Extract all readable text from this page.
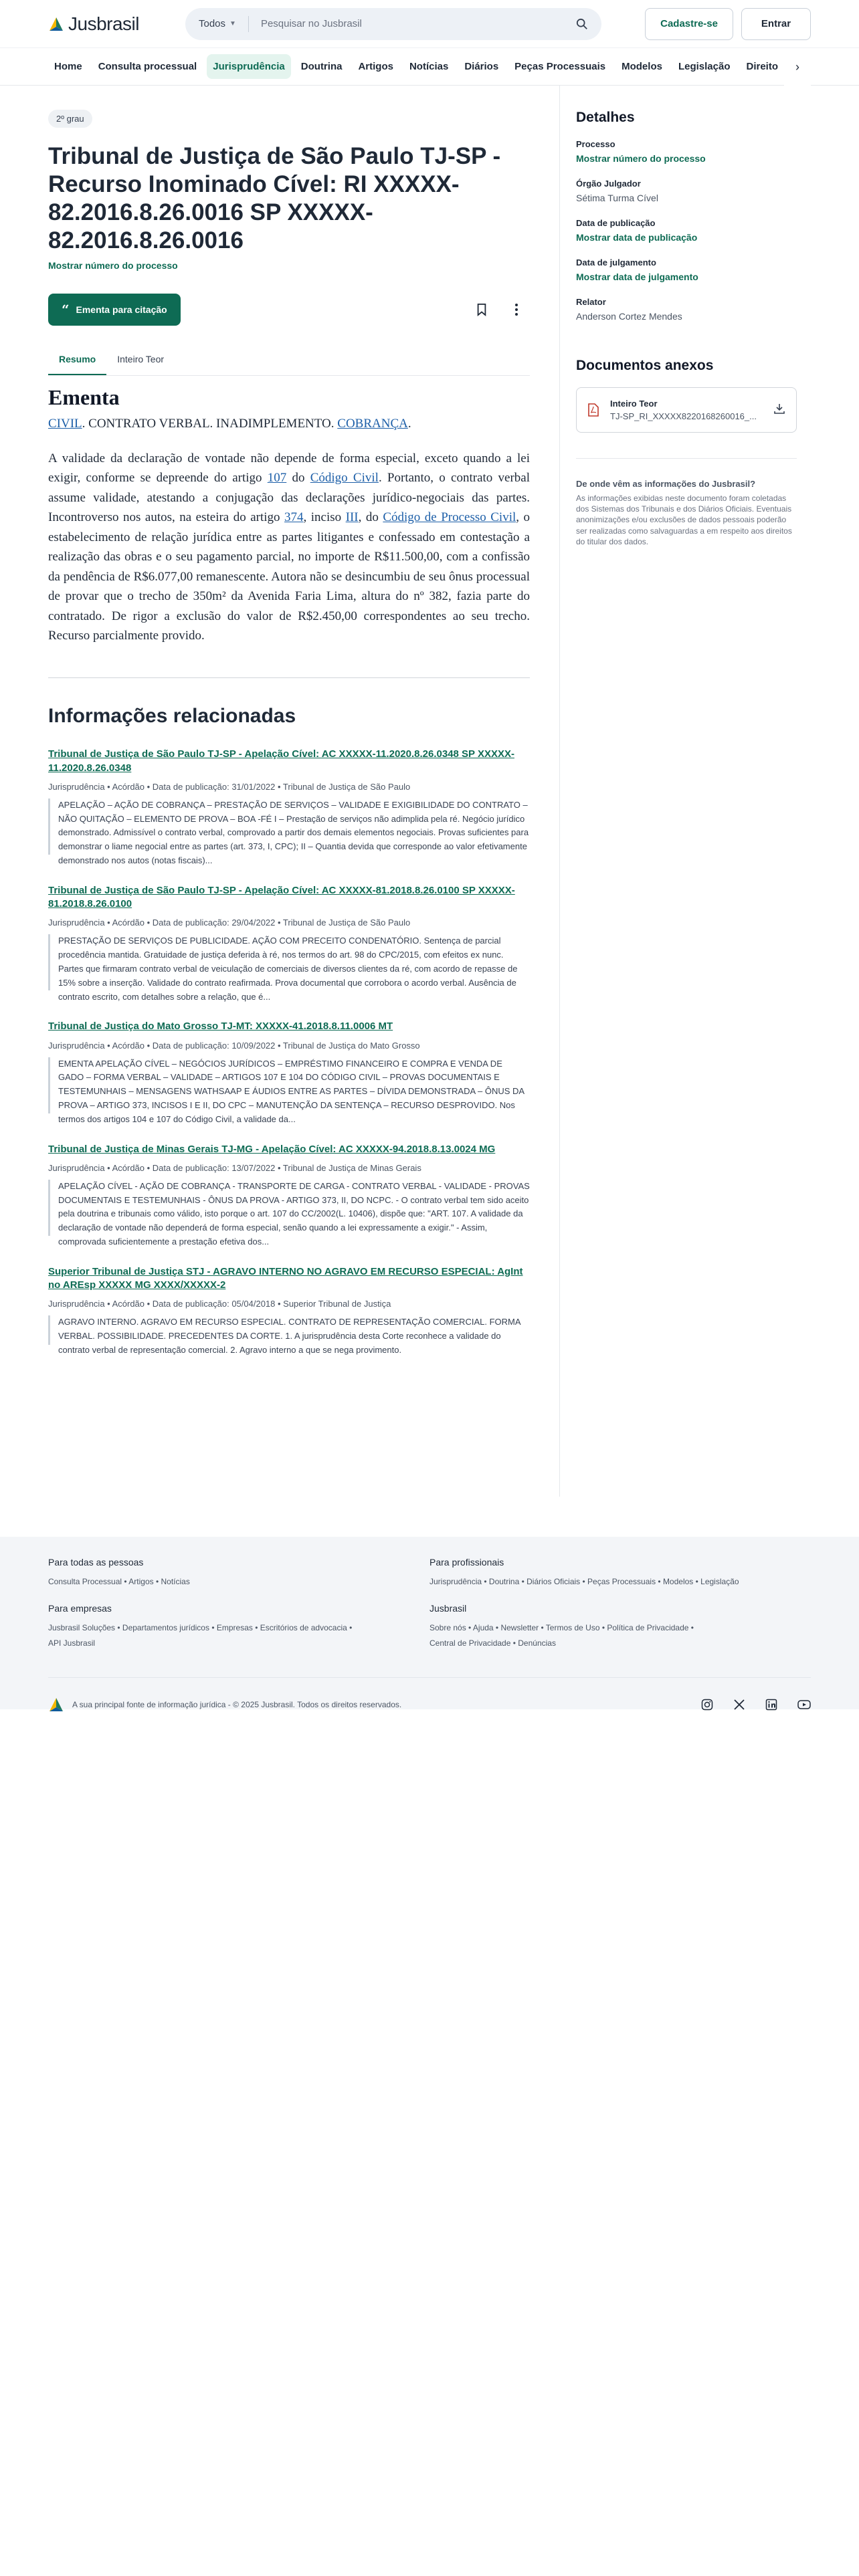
Jusbrasil	Todos ▼
Pesquisar no Jusbrasil	Cadastre-se	Entrar
Home	Consulta processual	Jurisprudência	Doutrina	Artigos	Notícias	Diários	Peças Processuais	Modelos	Legislação	Direito	›
2º grau
Tribunal de Justiça de São Paulo TJ-SP - Recurso Inominado Cível: RI XXXXX-82.2016.8.26.0016 SP XXXXX-82.2016.8.26.0016
Mostrar número do processo
“ Ementa para citação
Resumo	Inteiro Teor
Ementa

CIVIL. CONTRATO VERBAL. INADIMPLEMENTO. COBRANÇA.

A validade da declaração de vontade não depende de forma especial, exceto quando a lei exigir, conforme se depreende do artigo 107 do Código Civil. Portanto, o contrato verbal assume validade, atestando a conjugação das declarações jurídico-negociais das partes. Incontroverso nos autos, na esteira do artigo 374, inciso III, do Código de Processo Civil, o estabelecimento de relação jurídica entre as partes litigantes e confessado em contestação a realização das obras e o seu pagamento parcial, no importe de R$11.500,00, com a confissão da pendência de R$6.077,00 remanescente. Autora não se desincumbiu de seu ônus processual de provar que o trecho de 350m² da Avenida Faria Lima, altura do nº 382, fazia parte do contratado. De rigor a exclusão do valor de R$2.450,00 correspondentes ao seu trecho. Recurso parcialmente provido.

Informações relacionadas
Tribunal de Justiça de São Paulo TJ-SP - Apelação Cível: AC XXXXX-11.2020.8.26.0348 SP XXXXX-11.2020.8.26.0348
Jurisprudência • Acórdão • Data de publicação: 31/01/2022 • Tribunal de Justiça de São Paulo
APELAÇÃO – AÇÃO DE COBRANÇA – PRESTAÇÃO DE SERVIÇOS – VALIDADE E EXIGIBILIDADE DO CONTRATO – NÃO QUITAÇÃO – ELEMENTO DE PROVA – BOA -FÉ I – Prestação de serviços não adimplida pela ré. Negócio jurídico demonstrado. Admissível o contrato verbal, comprovado a partir dos demais elementos negociais. Provas suficientes para demonstrar o liame negocial entre as partes (art. 373, I, CPC); II – Quantia devida que corresponde ao valor efetivamente demonstrado nos autos (notas fiscais)...
Tribunal de Justiça de São Paulo TJ-SP - Apelação Cível: AC XXXXX-81.2018.8.26.0100 SP XXXXX-81.2018.8.26.0100
Jurisprudência • Acórdão • Data de publicação: 29/04/2022 • Tribunal de Justiça de São Paulo
PRESTAÇÃO DE SERVIÇOS DE PUBLICIDADE. AÇÃO COM PRECEITO CONDENATÓRIO. Sentença de parcial procedência mantida. Gratuidade de justiça deferida à ré, nos termos do art. 98 do CPC/2015, com efeitos ex nunc. Partes que firmaram contrato verbal de veiculação de comerciais de diversos clientes da ré, com acordo de repasse de 15% sobre a inserção. Validade do contrato reafirmada. Prova documental que corrobora o acordo verbal. Ausência de contrato escrito, com detalhes sobre a relação, que é...
Tribunal de Justiça do Mato Grosso TJ-MT: XXXXX-41.2018.8.11.0006 MT
Jurisprudência • Acórdão • Data de publicação: 10/09/2022 • Tribunal de Justiça do Mato Grosso
EMENTA APELAÇÃO CÍVEL – NEGÓCIOS JURÍDICOS – EMPRÉSTIMO FINANCEIRO E COMPRA E VENDA DE GADO – FORMA VERBAL – VALIDADE – ARTIGOS 107 E 104 DO CÓDIGO CIVIL – PROVAS DOCUMENTAIS E TESTEMUNHAIS – MENSAGENS WATHSAAP E ÁUDIOS ENTRE AS PARTES – DÍVIDA DEMONSTRADA – ÔNUS DA PROVA – ARTIGO 373, INCISOS I E II, DO CPC – MANUTENÇÃO DA SENTENÇA – RECURSO DESPROVIDO. Nos termos dos artigos 104 e 107 do Código Civil, a validade da...
Tribunal de Justiça de Minas Gerais TJ-MG - Apelação Cível: AC XXXXX-94.2018.8.13.0024 MG
Jurisprudência • Acórdão • Data de publicação: 13/07/2022 • Tribunal de Justiça de Minas Gerais
APELAÇÃO CÍVEL - AÇÃO DE COBRANÇA - TRANSPORTE DE CARGA - CONTRATO VERBAL - VALIDADE - PROVAS DOCUMENTAIS E TESTEMUNHAIS - ÔNUS DA PROVA - ARTIGO 373, II, DO NCPC. - O contrato verbal tem sido aceito pela doutrina e tribunais como válido, isto porque o art. 107 do CC/2002(L. 10406), dispõe que: "ART. 107. A validade da declaração de vontade não dependerá de forma especial, senão quando a lei expressamente a exigir." - Assim, comprovada suficientemente a prestação efetiva dos...
Superior Tribunal de Justiça STJ - AGRAVO INTERNO NO AGRAVO EM RECURSO ESPECIAL: AgInt no AREsp XXXXX MG XXXX/XXXXX-2
Jurisprudência • Acórdão • Data de publicação: 05/04/2018 • Superior Tribunal de Justiça
AGRAVO INTERNO. AGRAVO EM RECURSO ESPECIAL. CONTRATO DE REPRESENTAÇÃO COMERCIAL. FORMA VERBAL. POSSIBILIDADE. PRECEDENTES DA CORTE. 1. A jurisprudência desta Corte reconhece a validade do contrato verbal de representação comercial. 2. Agravo interno a que se nega provimento.
Detalhes
Processo
Mostrar número do processo
Órgão Julgador
Sétima Turma Cível
Data de publicação
Mostrar data de publicação
Data de julgamento
Mostrar data de julgamento
Relator
Anderson Cortez Mendes
Documentos anexos
Inteiro Teor
TJ-SP_RI_XXXXX8220168260016_...
De onde vêm as informações do Jusbrasil?

As informações exibidas neste documento foram coletadas dos Sistemas dos Tribunais e dos Diários Oficiais. Eventuais anonimizações e/ou exclusões de dados pessoais poderão ser realizadas como salvaguardas a em respeito aos direitos do titular dos dados.

Para todas as pessoas
Consulta Processual • Artigos • Notícias
Para empresas
Jusbrasil Soluções • Departamentos jurídicos • Empresas • Escritórios de advocacia •
API Jusbrasil
Para profissionais
Jurisprudência • Doutrina • Diários Oficiais • Peças Processuais • Modelos • Legislação
Jusbrasil
Sobre nós • Ajuda • Newsletter • Termos de Uso • Política de Privacidade •
Central de Privacidade • Denúncias
A sua principal fonte de informação jurídica - © 2025 Jusbrasil. Todos os direitos reservados.
